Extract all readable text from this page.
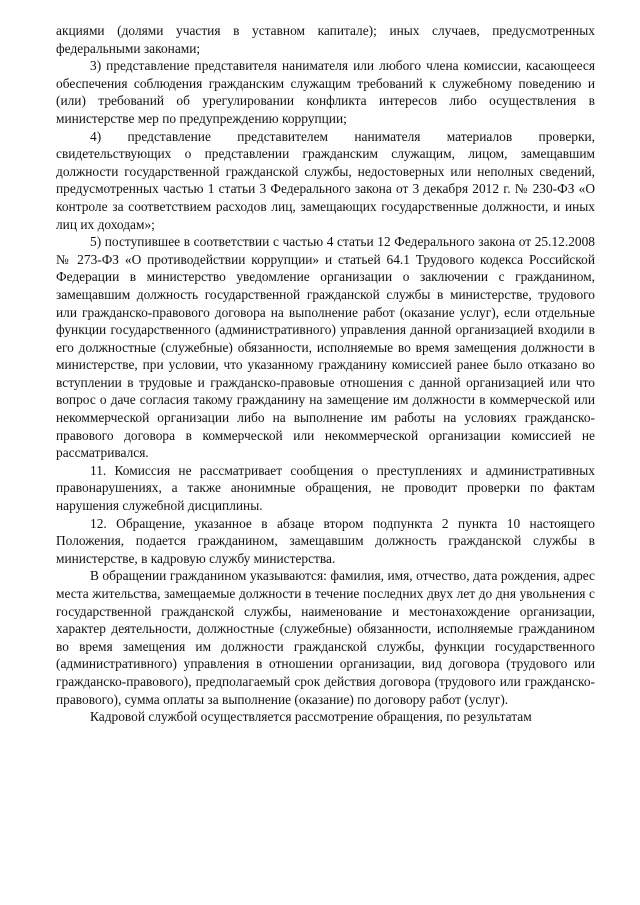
акциями (долями участия в уставном капитале); иных случаев, предусмотренных федеральными законами;

3) представление представителя нанимателя или любого члена комиссии, касающееся обеспечения соблюдения гражданским служащим требований к служебному поведению и (или) требований об урегулировании конфликта интересов либо осуществления в министерстве мер по предупреждению коррупции;

4) представление представителем нанимателя материалов проверки, свидетельствующих о представлении гражданским служащим, лицом, замещавшим должности государственной гражданской службы, недостоверных или неполных сведений, предусмотренных частью 1 статьи 3 Федерального закона от 3 декабря 2012 г. № 230-ФЗ «О контроле за соответствием расходов лиц, замещающих государственные должности, и иных лиц их доходам»;

5) поступившее в соответствии с частью 4 статьи 12 Федерального закона от 25.12.2008 № 273-ФЗ «О противодействии коррупции» и статьей 64.1 Трудового кодекса Российской Федерации в министерство уведомление организации о заключении с гражданином, замещавшим должность государственной гражданской службы в министерстве, трудового или гражданско-правового договора на выполнение работ (оказание услуг), если отдельные функции государственного (административного) управления данной организацией входили в его должностные (служебные) обязанности, исполняемые во время замещения должности в министерстве, при условии, что указанному гражданину комиссией ранее было отказано во вступлении в трудовые и гражданско-правовые отношения с данной организацией или что вопрос о даче согласия такому гражданину на замещение им должности в коммерческой или некоммерческой организации либо на выполнение им работы на условиях гражданско-правового договора в коммерческой или некоммерческой организации комиссией не рассматривался.

11. Комиссия не рассматривает сообщения о преступлениях и административных правонарушениях, а также анонимные обращения, не проводит проверки по фактам нарушения служебной дисциплины.

12. Обращение, указанное в абзаце втором подпункта 2 пункта 10 настоящего Положения, подается гражданином, замещавшим должность гражданской службы в министерстве, в кадровую службу министерства.

В обращении гражданином указываются: фамилия, имя, отчество, дата рождения, адрес места жительства, замещаемые должности в течение последних двух лет до дня увольнения с государственной гражданской службы, наименование и местонахождение организации, характер деятельности, должностные (служебные) обязанности, исполняемые гражданином во время замещения им должности гражданской службы, функции государственного (административного) управления в отношении организации, вид договора (трудового или гражданско-правового), предполагаемый срок действия договора (трудового или гражданско-правового), сумма оплаты за выполнение (оказание) по договору работ (услуг).

Кадровой службой осуществляется рассмотрение обращения, по результатам
